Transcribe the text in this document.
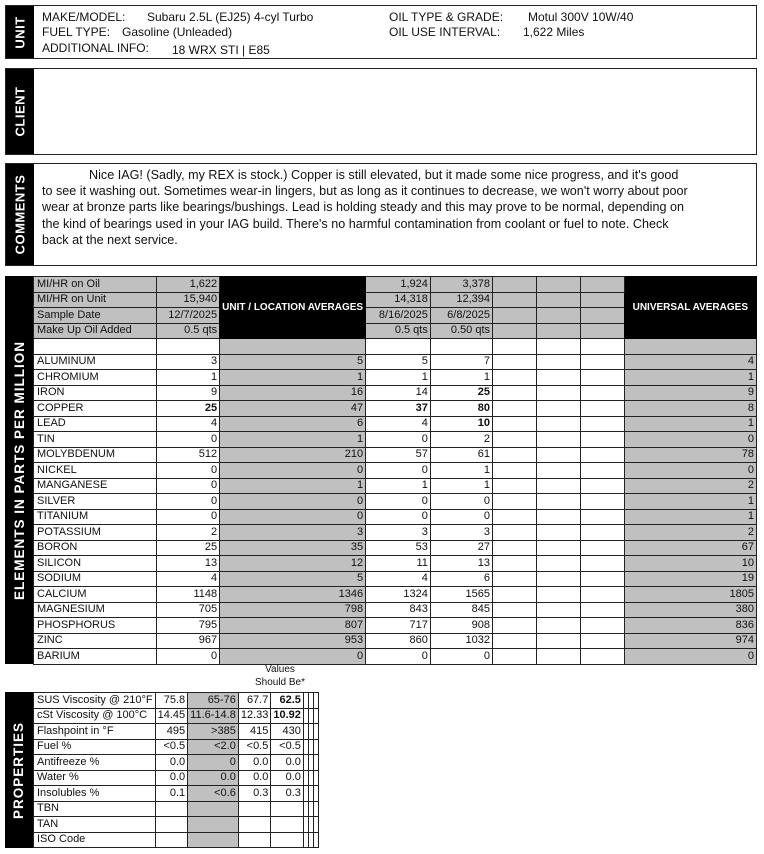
UNIT MAKE/MODEL: Subaru 2.5L (EJ25) 4-cyl Turbo
FUEL TYPE: Gasoline (Unleaded)
ADDITIONAL INFO: 18 WRX STI | E85
OIL TYPE & GRADE: Motul 300V 10W/40
OIL USE INTERVAL: 1,622 Miles
CLIENT
COMMENTS	Nice IAG! (Sadly, my REX is stock.) Copper is still elevated, but it made some nice progress, and it's good to see it washing out. Sometimes wear-in lingers, but as long as it continues to decrease, we won't worry about poor wear at bronze parts like bearings/bushings. Lead is holding steady and this may prove to be normal, depending on the kind of bearings used in your IAG build. There's no harmful contamination from coolant or fuel to note. Check back at the next service.
ELEMENTS IN PARTS PER MILLION
MI/HR on Oil	1,622	UNIT / LOCATION AVERAGES	1,924	3,378				UNIVERSAL AVERAGES
MI/HR on Unit	15,940		14,318	12,394				
Sample Date	12/7/2025		8/16/2025	6/8/2025				
Make Up Oil Added	0.5 qts		0.5 qts	0.50 qts				

ALUMINUM	3	5	5	7				4
CHROMIUM	1	1	1	1				1
IRON	9	16	14	25				9
COPPER	25	47	37	80				8
LEAD	4	6	4	10				1
TIN	0	1	0	2				0
MOLYBDENUM	512	210	57	61				78
NICKEL	0	0	0	1				0
MANGANESE	0	1	1	1				2
SILVER	0	0	0	0				1
TITANIUM	0	0	0	0				1
POTASSIUM	2	3	3	3				2
BORON	25	35	53	27				67
SILICON	13	12	11	13				10
SODIUM	4	5	4	6				19
CALCIUM	1148	1346	1324	1565				1805
MAGNESIUM	705	798	843	845				380
PHOSPHORUS	795	807	717	908				836
ZINC	967	953	860	1032				974
BARIUM	0	0	0	0				0
Values
Should Be*
PROPERTIES
SUS Viscosity @ 210°F	75.8	65-76	67.7	62.5			
cSt Viscosity @ 100°C	14.45	11.6-14.8	12.33	10.92			
Flashpoint in °F	495	>385	415	430			
Fuel %	<0.5	<2.0	<0.5	<0.5			
Antifreeze %	0.0	0	0.0	0.0			
Water %	0.0	0.0	0.0	0.0			
Insolubles %	0.1	<0.6	0.3	0.3			
TBN							
TAN							
ISO Code							
